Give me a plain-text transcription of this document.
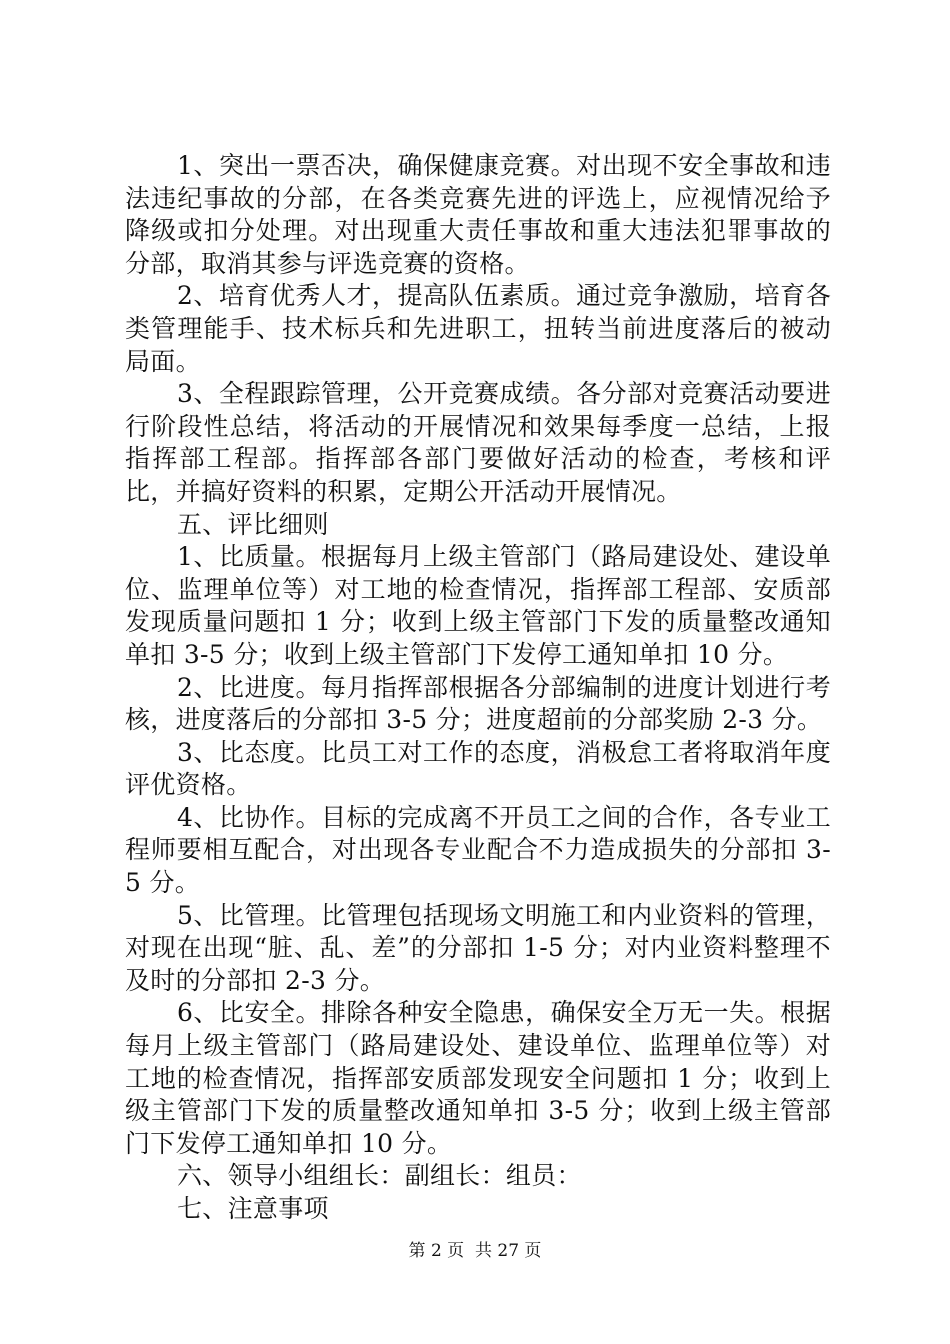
1、突出一票否决，确保健康竞赛。对出现不安全事故和违法违纪事故的分部，在各类竞赛先进的评选上，应视情况给予降级或扣分处理。对出现重大责任事故和重大违法犯罪事故的分部，取消其参与评选竞赛的资格。

2、培育优秀人才，提高队伍素质。通过竞争激励，培育各类管理能手、技术标兵和先进职工，扭转当前进度落后的被动局面。

3、全程跟踪管理，公开竞赛成绩。各分部对竞赛活动要进行阶段性总结，将活动的开展情况和效果每季度一总结，上报指挥部工程部。指挥部各部门要做好活动的检查，考核和评比，并搞好资料的积累，定期公开活动开展情况。

五、评比细则

1、比质量。根据每月上级主管部门（路局建设处、建设单位、监理单位等）对工地的检查情况，指挥部工程部、安质部发现质量问题扣 1 分；收到上级主管部门下发的质量整改通知单扣 3-5 分；收到上级主管部门下发停工通知单扣 10 分。

2、比进度。每月指挥部根据各分部编制的进度计划进行考核，进度落后的分部扣 3-5 分；进度超前的分部奖励 2-3 分。

3、比态度。比员工对工作的态度，消极怠工者将取消年度评优资格。

4、比协作。目标的完成离不开员工之间的合作，各专业工程师要相互配合，对出现各专业配合不力造成损失的分部扣 3-5 分。

5、比管理。比管理包括现场文明施工和内业资料的管理，对现在出现“脏、乱、差”的分部扣 1-5 分；对内业资料整理不及时的分部扣 2-3 分。

6、比安全。排除各种安全隐患，确保安全万无一失。根据每月上级主管部门（路局建设处、建设单位、监理单位等）对工地的检查情况，指挥部安质部发现安全问题扣 1 分；收到上级主管部门下发的质量整改通知单扣 3-5 分；收到上级主管部门下发停工通知单扣 10 分。

六、领导小组组长：副组长：组员：

七、注意事项

第 2 页 共 27 页
